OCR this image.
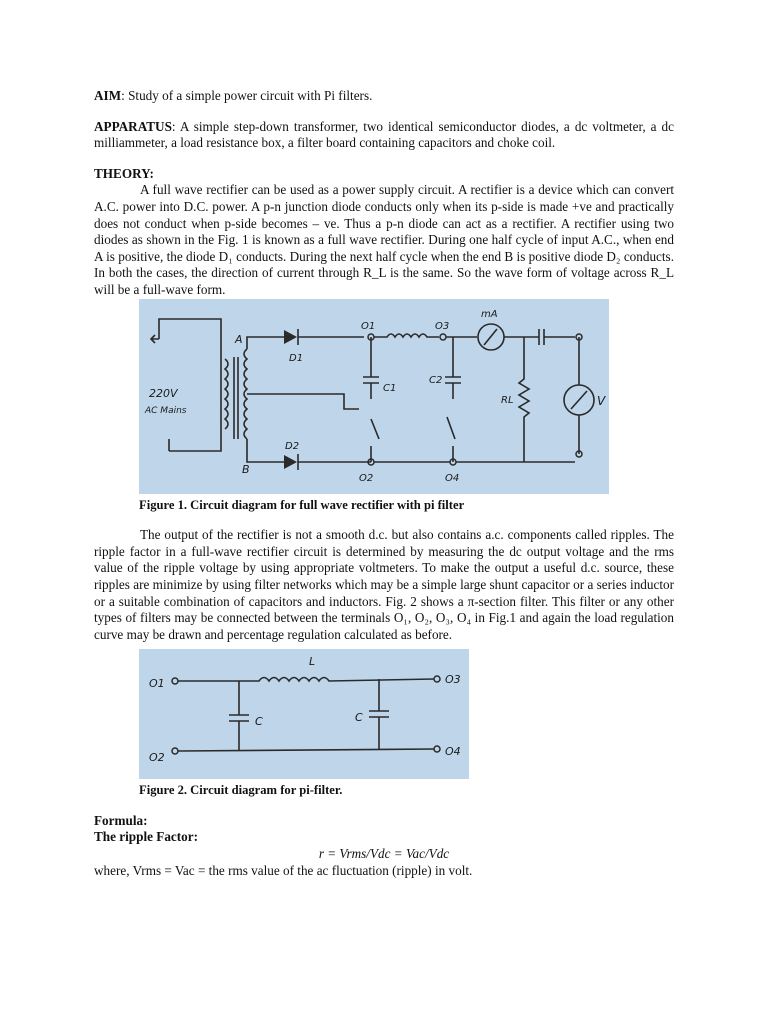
AIM: Study of a simple power circuit with Pi filters.

APPARATUS: A simple step-down transformer, two identical semiconductor diodes, a dc voltmeter, a dc milliammeter, a load resistance box, a filter board containing capacitors and choke coil.

THEORY:

A full wave rectifier can be used as a power supply circuit. A rectifier is a device which can convert A.C. power into D.C. power. A p-n junction diode conducts only when its p-side is made +ve and practically does not conduct when p-side becomes – ve. Thus a p-n diode can act as a rectifier. A rectifier using two diodes as shown in the Fig. 1 is known as a full wave rectifier. During one half cycle of input A.C., when end A is positive, the diode D₁ conducts. During the next half cycle when the end B is positive diode D₂ conducts. In both the cases, the direction of current through R_L is the same. So the wave form of voltage across R_L will be a full-wave form.

220V
AC Mains
A
B
D1
D2
O1	O3
mA
C1
C2
O2	O4
RL	V

Figure 1. Circuit diagram for full wave rectifier with pi filter

The output of the rectifier is not a smooth d.c. but also contains a.c. components called ripples. The ripple factor in a full-wave rectifier circuit is determined by measuring the dc output voltage and the rms value of the ripple voltage by using appropriate voltmeters. To make the output a useful d.c. source, these ripples are minimize by using filter networks which may be a simple large shunt capacitor or a series inductor or a suitable combination of capacitors and inductors. Fig. 2 shows a π-section filter. This filter or any other types of filters may be connected between the terminals O₁, O₂, O₃, O₄ in Fig.1 and again the load regulation curve may be drawn and percentage regulation calculated as before.

O1
L
O3
C	C
O2	O4

Figure 2. Circuit diagram for pi-filter.

Formula:

The ripple Factor:

r = Vrms/Vdc = Vac/Vdc

where, Vrms = Vac = the rms value of the ac fluctuation (ripple) in volt.
